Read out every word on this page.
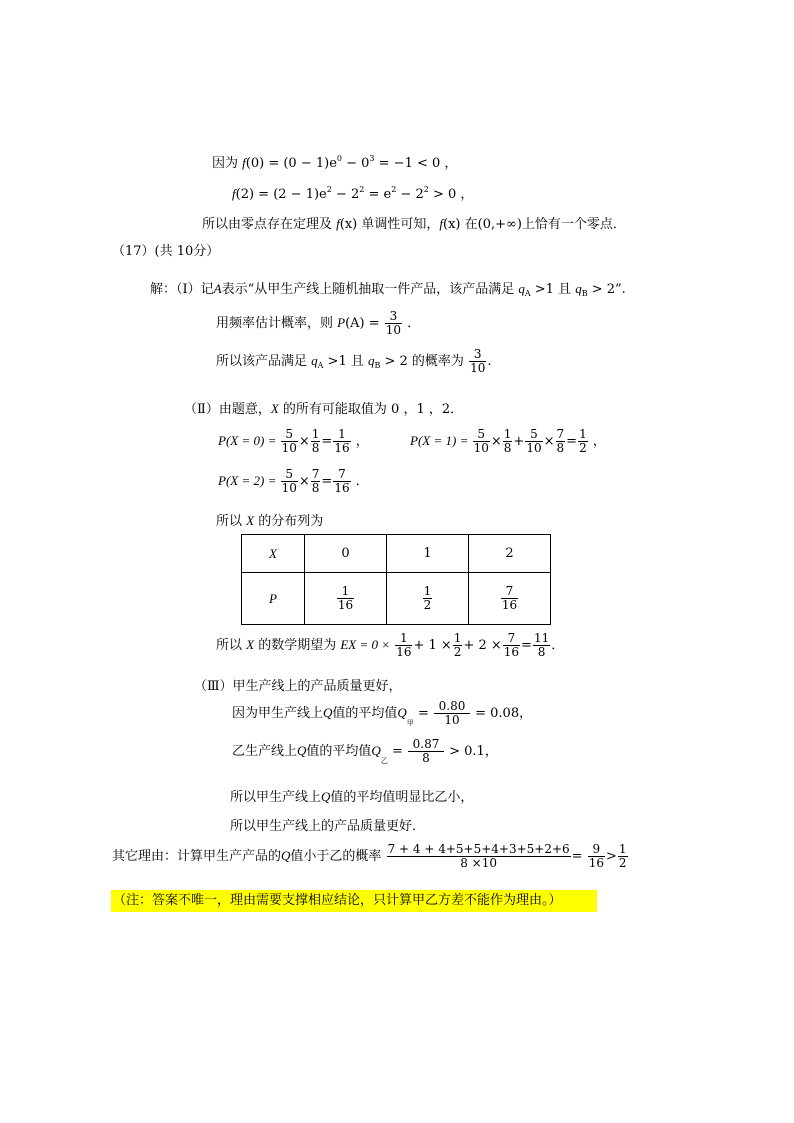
因为 $f(0) = (0 - 1)e^0 - 0^3 = -1 < 0$ ，
$f(2) = (2 - 1)e^2 - 2^2 = e^2 - 2^2 > 0$ ，
所以由零点存在定理及 f(x) 单调性可知，f(x) 在(0,+∞)上恰有一个零点．
（17）(共 10分）
解：（Ⅰ）记A表示“从甲生产线上随机抽取一件产品，该产品满足 $q_A >1$ 且 $q_B > 2$”.
用频率估计概率，则 $P(A) = \frac{3}{10}$ ．
所以该产品满足 $q_A >1$ 且 $q_B > 2$ 的概率为 $\frac{3}{10}$ .
（Ⅱ）由题意，X 的所有可能取值为 0 ，1 ，2．
$P(X = 0) = \frac{5}{10} \times \frac{1}{8} = \frac{1}{16}$ ，	$P(X = 1) = \frac{5}{10} \times \frac{1}{8} + \frac{5}{10} \times \frac{7}{8} = \frac{1}{2}$ ，
$P(X = 2) = \frac{5}{10} \times \frac{7}{8} = \frac{7}{16}$ ．
所以 X 的分布列为
X	0	1	2
P	$\frac{1}{16}$	$\frac{1}{2}$	$\frac{7}{16}$
所以 X 的数学期望为 EX = $0 \times \frac{1}{16} + 1 \times \frac{1}{2} + 2 \times \frac{7}{16} = \frac{11}{8}$ ．
（Ⅲ）甲生产线上的产品质量更好，
因为甲生产线上Q值的平均值$Q_甲 = \frac{0.80}{10} = 0.08$，
乙生产线上Q值的平均值$Q_乙 = \frac{0.87}{8} > 0.1$，
所以甲生产线上Q值的平均值明显比乙小，
所以甲生产线上的产品质量更好．
其它理由：计算甲生产产品的Q值小于乙的概率 $\frac{7 + 4 + 4+5+5+4+3+5+2+6}{8 \times 10} = \frac{9}{16} > \frac{1}{2}$
（注：答案不唯一，理由需要支撑相应结论，只计算甲乙方差不能作为理由。）
